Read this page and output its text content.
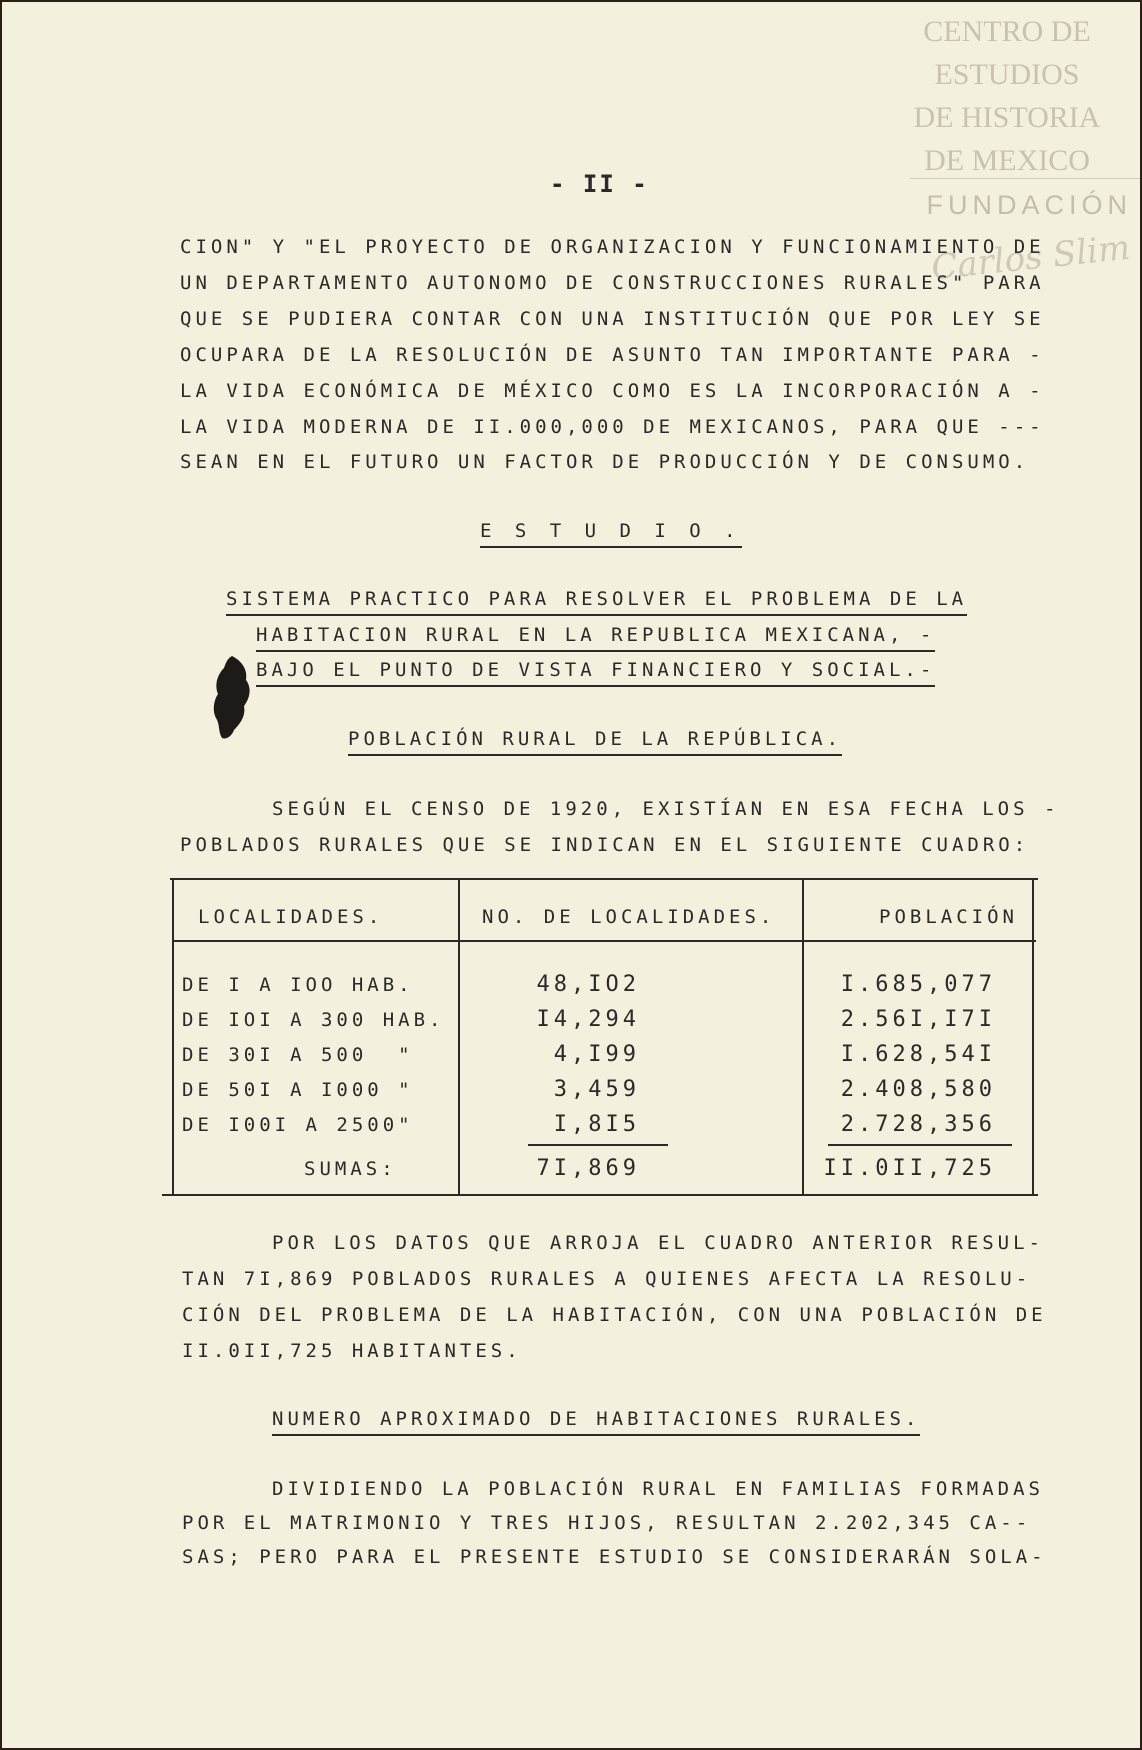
CENTRO DE
ESTUDIOS
DE HISTORIA
DE MEXICO
FUNDACIÓN
Carlos Slim
- II -
CION" Y "EL PROYECTO DE ORGANIZACION Y FUNCIONAMIENTO DE
UN DEPARTAMENTO AUTONOMO DE CONSTRUCCIONES RURALES" PARA
QUE SE PUDIERA CONTAR CON UNA INSTITUCIÓN QUE POR LEY SE
OCUPARA DE LA RESOLUCIÓN DE ASUNTO TAN IMPORTANTE PARA -
LA VIDA ECONÓMICA DE MÉXICO COMO ES LA INCORPORACIÓN A -
LA VIDA MODERNA DE II.000,000 DE MEXICANOS, PARA QUE ---
SEAN EN EL FUTURO UN FACTOR DE PRODUCCIÓN Y DE CONSUMO.
E S T U D I O .
SISTEMA PRACTICO PARA RESOLVER EL PROBLEMA DE LA
HABITACION RURAL EN LA REPUBLICA MEXICANA, -
BAJO EL PUNTO DE VISTA FINANCIERO Y SOCIAL.-
POBLACIÓN RURAL DE LA REPÚBLICA.
SEGÚN EL CENSO DE 1920, EXISTÍAN EN ESA FECHA LOS -
POBLADOS RURALES QUE SE INDICAN EN EL SIGUIENTE CUADRO:
LOCALIDADES.	NO. DE LOCALIDADES.	POBLACIÓN
DE I A IOO HAB.	48,IO2	I.685,077
DE IOI A 300 HAB.	I4,294	2.56I,I7I
DE 30I A 500  "	4,I99	I.628,54I
DE 50I A I000 "	3,459	2.408,580
DE I00I A 2500"	I,8I5	2.728,356
SUMAS:	7I,869	II.0II,725
POR LOS DATOS QUE ARROJA EL CUADRO ANTERIOR RESUL-
TAN 7I,869 POBLADOS RURALES A QUIENES AFECTA LA RESOLU-
CIÓN DEL PROBLEMA DE LA HABITACIÓN, CON UNA POBLACIÓN DE
II.0II,725 HABITANTES.
NUMERO APROXIMADO DE HABITACIONES RURALES.
DIVIDIENDO LA POBLACIÓN RURAL EN FAMILIAS FORMADAS
POR EL MATRIMONIO Y TRES HIJOS, RESULTAN 2.202,345 CA--
SAS; PERO PARA EL PRESENTE ESTUDIO SE CONSIDERARÁN SOLA-
